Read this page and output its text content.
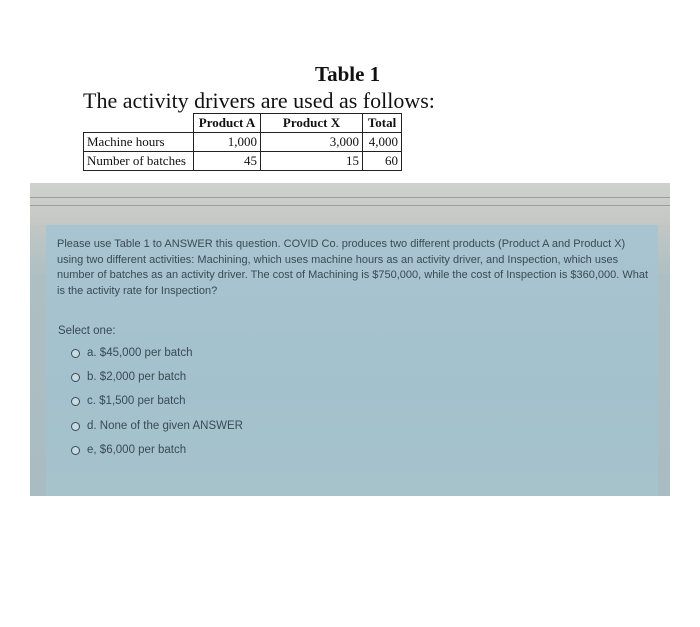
Table 1
The activity drivers are used as follows:
	Product A	Product X	Total
Machine hours	1,000	3,000	4,000
Number of batches	45	15	60
Please use Table 1 to ANSWER this question. COVID Co. produces two different products (Product A and Product X) using two different activities: Machining, which uses machine hours as an activity driver, and Inspection, which uses number of batches as an activity driver. The cost of Machining is $750,000, while the cost of Inspection is $360,000. What is the activity rate for Inspection?
Select one:
a.
$45,000 per batch
b.
$2,000 per batch
c.
$1,500 per batch
d.
None of the given ANSWER
e,
$6,000 per batch
